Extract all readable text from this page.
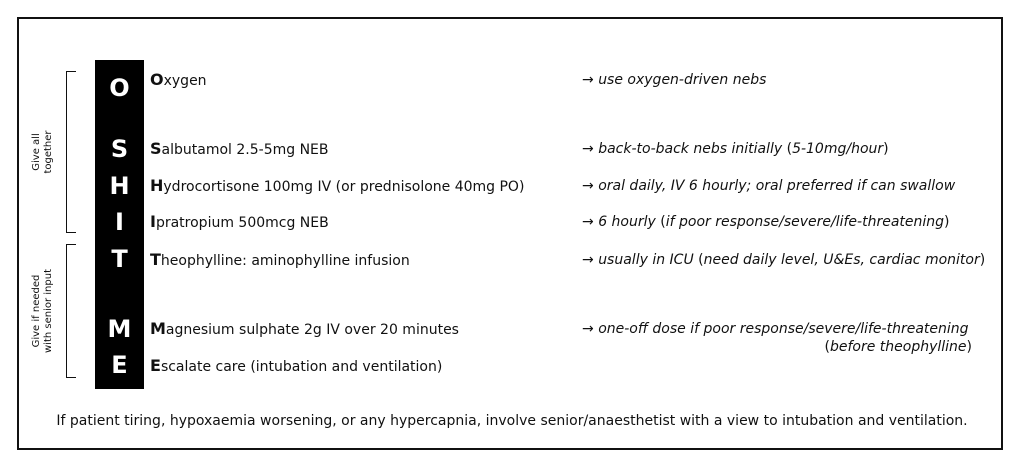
Give all together
Give if needed with senior input
O
S
H
I
T
M
E
Oxygen
Salbutamol 2.5-5mg NEB
Hydrocortisone 100mg IV (or prednisolone 40mg PO)
Ipratropium 500mcg NEB
Theophylline: aminophylline infusion
Magnesium sulphate 2g IV over 20 minutes
Escalate care (intubation and ventilation)
→ use oxygen-driven nebs
→ back-to-back nebs initially (5-10mg/hour)
→ oral daily, IV 6 hourly; oral preferred if can swallow
→ 6 hourly (if poor response/severe/life-threatening)
→ usually in ICU (need daily level, U&Es, cardiac monitor)
→ one-off dose if poor response/severe/life-threatening
(before theophylline)
If patient tiring, hypoxaemia worsening, or any hypercapnia, involve senior/anaesthetist with a view to intubation and ventilation.
